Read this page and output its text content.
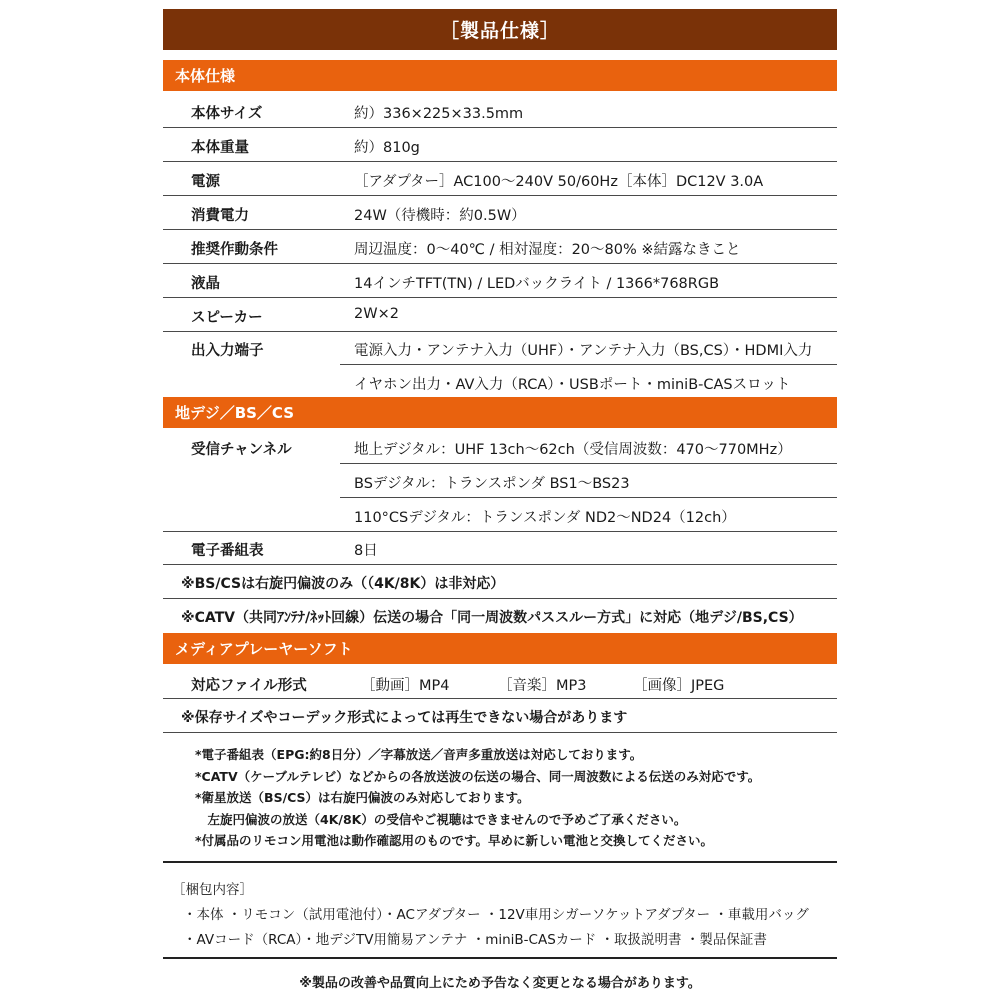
［製品仕様］
本体仕様
本体サイズ	約）336×225×33.5mm
本体重量	約）810g
電源	［アダプター］AC100〜240V 50/60Hz［本体］DC12V 3.0A
消費電力	24W（待機時：約0.5W）
推奨作動条件	周辺温度：0〜40℃ / 相対湿度：20〜80% ※結露なきこと
液晶	14インチTFT(TN) / LEDバックライト / 1366*768RGB
スピーカー	2W×2
出入力端子	電源入力・アンテナ入力（UHF）・アンテナ入力（BS,CS）・HDMI入力
イヤホン出力・AV入力（RCA）・USBポート・miniB-CASスロット
地デジ／BS／CS
受信チャンネル	地上デジタル：UHF 13ch〜62ch（受信周波数：470〜770MHz）
BSデジタル：トランスポンダ BS1〜BS23
110°CSデジタル：トランスポンダ ND2〜ND24（12ch）
電子番組表	8日
※BS/CSは右旋円偏波のみ（（4K/8K）は非対応）
※CATV（共同ｱﾝﾃﾅ/ﾈｯﾄ回線）伝送の場合「同一周波数パススルー方式」に対応（地デジ/BS,CS）
メディアプレーヤーソフト
対応ファイル形式	［動画］MP4	［音楽］MP3	［画像］JPEG
※保存サイズやコーデック形式によっては再生できない場合があります
*電子番組表（EPG:約8日分）／字幕放送／音声多重放送は対応しております。
*CATV（ケーブルテレビ）などからの各放送波の伝送の場合、同一周波数による伝送のみ対応です。
*衛星放送（BS/CS）は右旋円偏波のみ対応しております。
　左旋円偏波の放送（4K/8K）の受信やご視聴はできませんので予めご了承ください。
*付属品のリモコン用電池は動作確認用のものです。早めに新しい電池と交換してください。
［梱包内容］
・本体 ・リモコン（試用電池付）・ACアダプター ・12V車用シガーソケットアダプター ・車載用バッグ
・AVコード（RCA）・地デジTV用簡易アンテナ ・miniB-CASカード ・取扱説明書 ・製品保証書
※製品の改善や品質向上にため予告なく変更となる場合があります。
